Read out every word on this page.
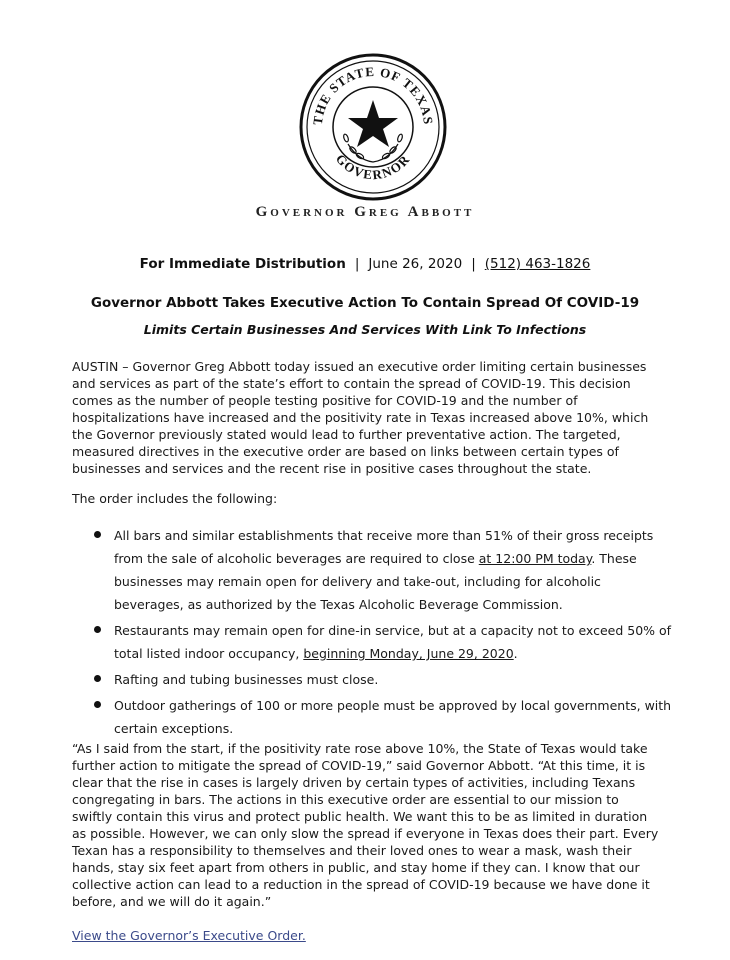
THE STATE OF TEXAS
GOVERNOR
Governor Greg Abbott
For Immediate Distribution | June 26, 2020 | (512) 463-1826
Governor Abbott Takes Executive Action To Contain Spread Of COVID-19
Limits Certain Businesses And Services With Link To Infections

AUSTIN – Governor Greg Abbott today issued an executive order limiting certain businesses and services as part of the state’s effort to contain the spread of COVID-19. This decision comes as the number of people testing positive for COVID-19 and the number of hospitalizations have increased and the positivity rate in Texas increased above 10%, which the Governor previously stated would lead to further preventative action. The targeted, measured directives in the executive order are based on links between certain types of businesses and services and the recent rise in positive cases throughout the state.

The order includes the following:

All bars and similar establishments that receive more than 51% of their gross receipts from the sale of alcoholic beverages are required to close at 12:00 PM today. These businesses may remain open for delivery and take-out, including for alcoholic beverages, as authorized by the Texas Alcoholic Beverage Commission.
Restaurants may remain open for dine-in service, but at a capacity not to exceed 50% of total listed indoor occupancy, beginning Monday, June 29, 2020.
Rafting and tubing businesses must close.
Outdoor gatherings of 100 or more people must be approved by local governments, with certain exceptions.

“As I said from the start, if the positivity rate rose above 10%, the State of Texas would take further action to mitigate the spread of COVID-19,” said Governor Abbott. “At this time, it is clear that the rise in cases is largely driven by certain types of activities, including Texans congregating in bars. The actions in this executive order are essential to our mission to swiftly contain this virus and protect public health. We want this to be as limited in duration as possible. However, we can only slow the spread if everyone in Texas does their part. Every Texan has a responsibility to themselves and their loved ones to wear a mask, wash their hands, stay six feet apart from others in public, and stay home if they can. I know that our collective action can lead to a reduction in the spread of COVID-19 because we have done it before, and we will do it again.”

View the Governor’s Executive Order.
